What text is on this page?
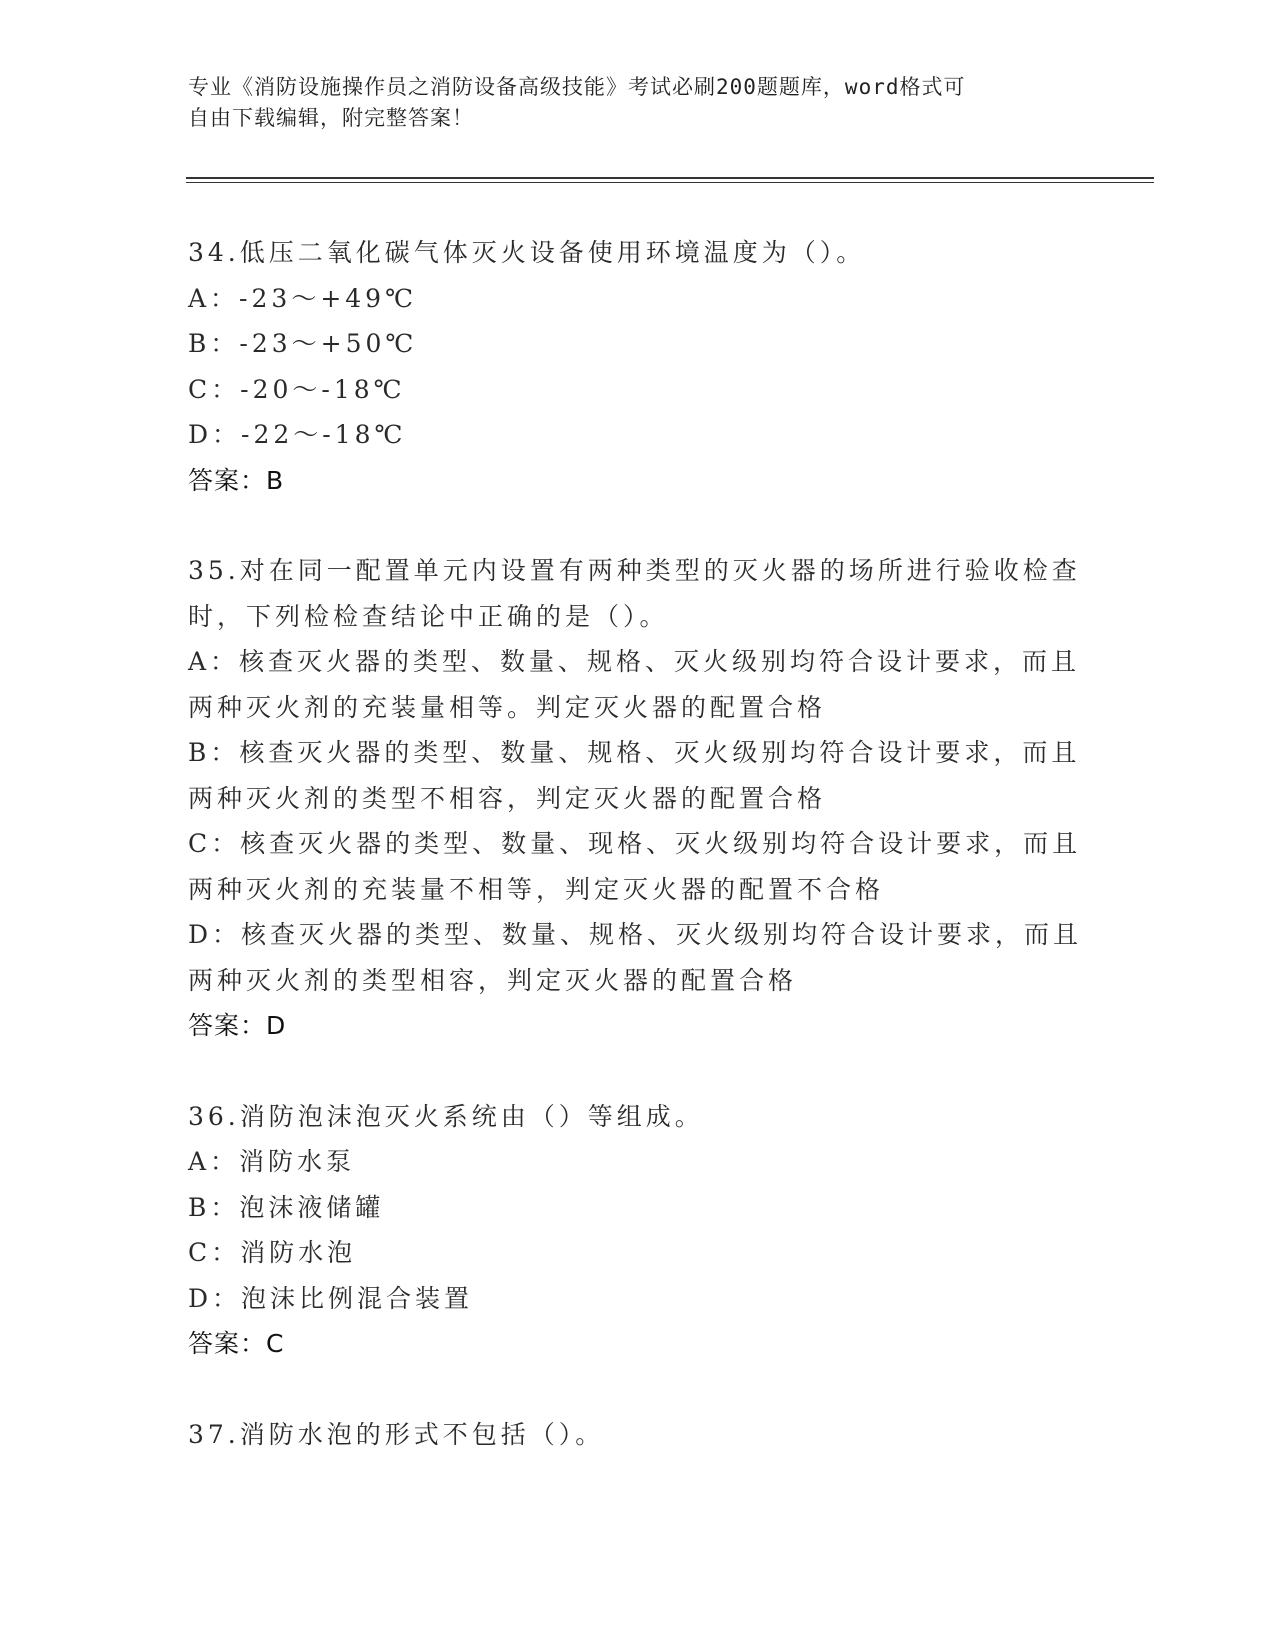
专业《消防设施操作员之消防设备高级技能》考试必刷200题题库，word格式可
自由下载编辑，附完整答案！
34.低压二氧化碳气体灭火设备使用环境温度为（）。
A：-23～+49℃
B：-23～+50℃
C：-20～-18℃
D：-22～-18℃
答案：B
35.对在同一配置单元内设置有两种类型的灭火器的场所进行验收检查
时，下列检检查结论中正确的是（）。
A：核查灭火器的类型、数量、规格、灭火级别均符合设计要求，而且
两种灭火剂的充装量相等。判定灭火器的配置合格
B：核查灭火器的类型、数量、规格、灭火级别均符合设计要求，而且
两种灭火剂的类型不相容，判定灭火器的配置合格
C：核查灭火器的类型、数量、现格、灭火级别均符合设计要求，而且
两种灭火剂的充装量不相等，判定灭火器的配置不合格
D：核查灭火器的类型、数量、规格、灭火级别均符合设计要求，而且
两种灭火剂的类型相容，判定灭火器的配置合格
答案：D
36.消防泡沫泡灭火系统由（）等组成。
A：消防水泵
B：泡沫液储罐
C：消防水泡
D：泡沫比例混合装置
答案：C
37.消防水泡的形式不包括（）。
